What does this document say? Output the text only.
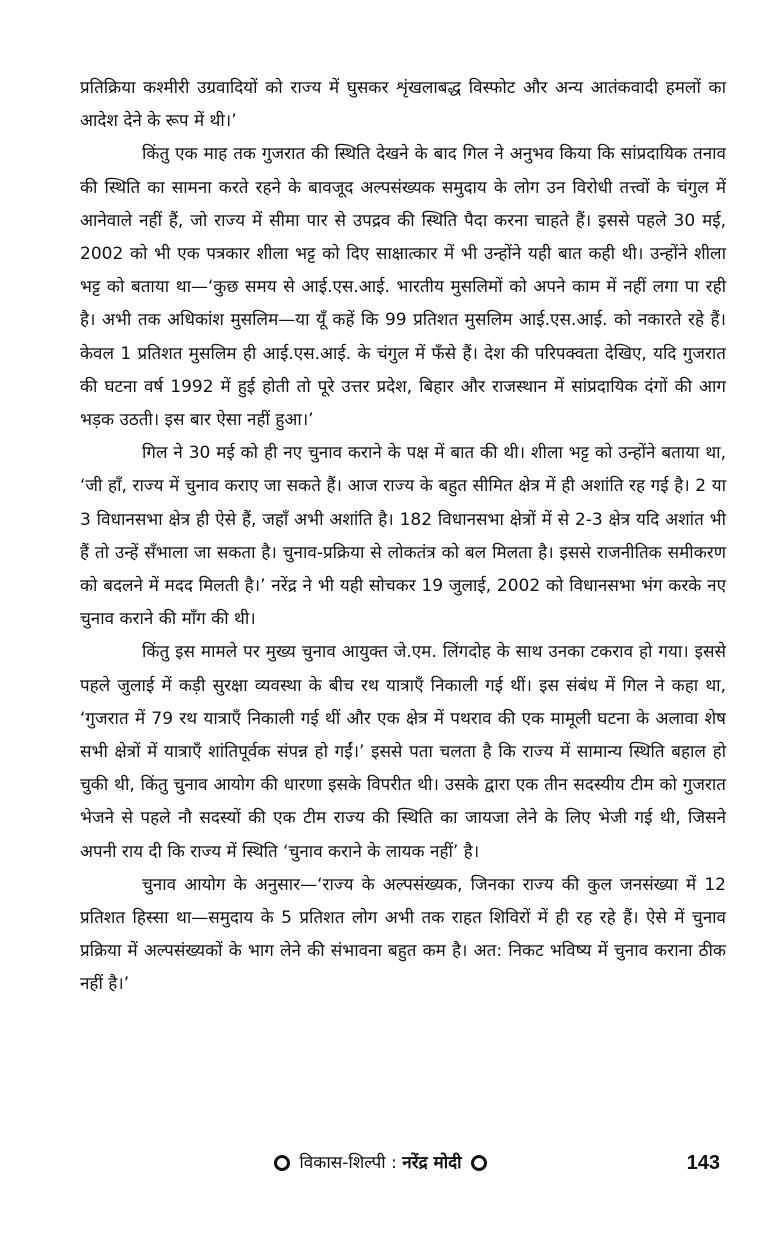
प्रतिक्रिया कश्मीरी उग्रवादियों को राज्य में घुसकर शृंखलाबद्ध विस्फोट और अन्य आतंकवादी हमलों का आदेश देने के रूप में थी।’

किंतु एक माह तक गुजरात की स्थिति देखने के बाद गिल ने अनुभव किया कि सांप्रदायिक तनाव की स्थिति का सामना करते रहने के बावजूद अल्पसंख्यक समुदाय के लोग उन विरोधी तत्त्वों के चंगुल में आनेवाले नहीं हैं, जो राज्य में सीमा पार से उपद्रव की स्थिति पैदा करना चाहते हैं। इससे पहले 30 मई, 2002 को भी एक पत्रकार शीला भट्ट को दिए साक्षात्कार में भी उन्होंने यही बात कही थी। उन्होंने शीला भट्ट को बताया था—‘कुछ समय से आई.एस.आई. भारतीय मुसलिमों को अपने काम में नहीं लगा पा रही है। अभी तक अधिकांश मुसलिम—या यूँ कहें कि 99 प्रतिशत मुसलिम आई.एस.आई. को नकारते रहे हैं। केवल 1 प्रतिशत मुसलिम ही आई.एस.आई. के चंगुल में फँसे हैं। देश की परिपक्वता देखिए, यदि गुजरात की घटना वर्ष 1992 में हुई होती तो पूरे उत्तर प्रदेश, बिहार और राजस्थान में सांप्रदायिक दंगों की आग भड़क उठती। इस बार ऐसा नहीं हुआ।’

गिल ने 30 मई को ही नए चुनाव कराने के पक्ष में बात की थी। शीला भट्ट को उन्होंने बताया था, ‘जी हाँ, राज्य में चुनाव कराए जा सकते हैं। आज राज्य के बहुत सीमित क्षेत्र में ही अशांति रह गई है। 2 या 3 विधानसभा क्षेत्र ही ऐसे हैं, जहाँ अभी अशांति है। 182 विधानसभा क्षेत्रों में से 2-3 क्षेत्र यदि अशांत भी हैं तो उन्हें सँभाला जा सकता है। चुनाव-प्रक्रिया से लोकतंत्र को बल मिलता है। इससे राजनीतिक समीकरण को बदलने में मदद मिलती है।’ नरेंद्र ने भी यही सोचकर 19 जुलाई, 2002 को विधानसभा भंग करके नए चुनाव कराने की माँग की थी।

किंतु इस मामले पर मुख्य चुनाव आयुक्त जे.एम. लिंगदोह के साथ उनका टकराव हो गया। इससे पहले जुलाई में कड़ी सुरक्षा व्यवस्था के बीच रथ यात्राएँ निकाली गई थीं। इस संबंध में गिल ने कहा था, ‘गुजरात में 79 रथ यात्राएँ निकाली गई थीं और एक क्षेत्र में पथराव की एक मामूली घटना के अलावा शेष सभी क्षेत्रों में यात्राएँ शांतिपूर्वक संपन्न हो गईं।’ इससे पता चलता है कि राज्य में सामान्य स्थिति बहाल हो चुकी थी, किंतु चुनाव आयोग की धारणा इसके विपरीत थी। उसके द्वारा एक तीन सदस्यीय टीम को गुजरात भेजने से पहले नौ सदस्यों की एक टीम राज्य की स्थिति का जायजा लेने के लिए भेजी गई थी, जिसने अपनी राय दी कि राज्य में स्थिति ‘चुनाव कराने के लायक नहीं’ है।

चुनाव आयोग के अनुसार—‘राज्य के अल्पसंख्यक, जिनका राज्य की कुल जनसंख्या में 12 प्रतिशत हिस्सा था—समुदाय के 5 प्रतिशत लोग अभी तक राहत शिविरों में ही रह रहे हैं। ऐसे में चुनाव प्रक्रिया में अल्पसंख्यकों के भाग लेने की संभावना बहुत कम है। अत: निकट भविष्य में चुनाव कराना ठीक नहीं है।’

विकास-शिल्पी : नरेंद्र मोदी	143
